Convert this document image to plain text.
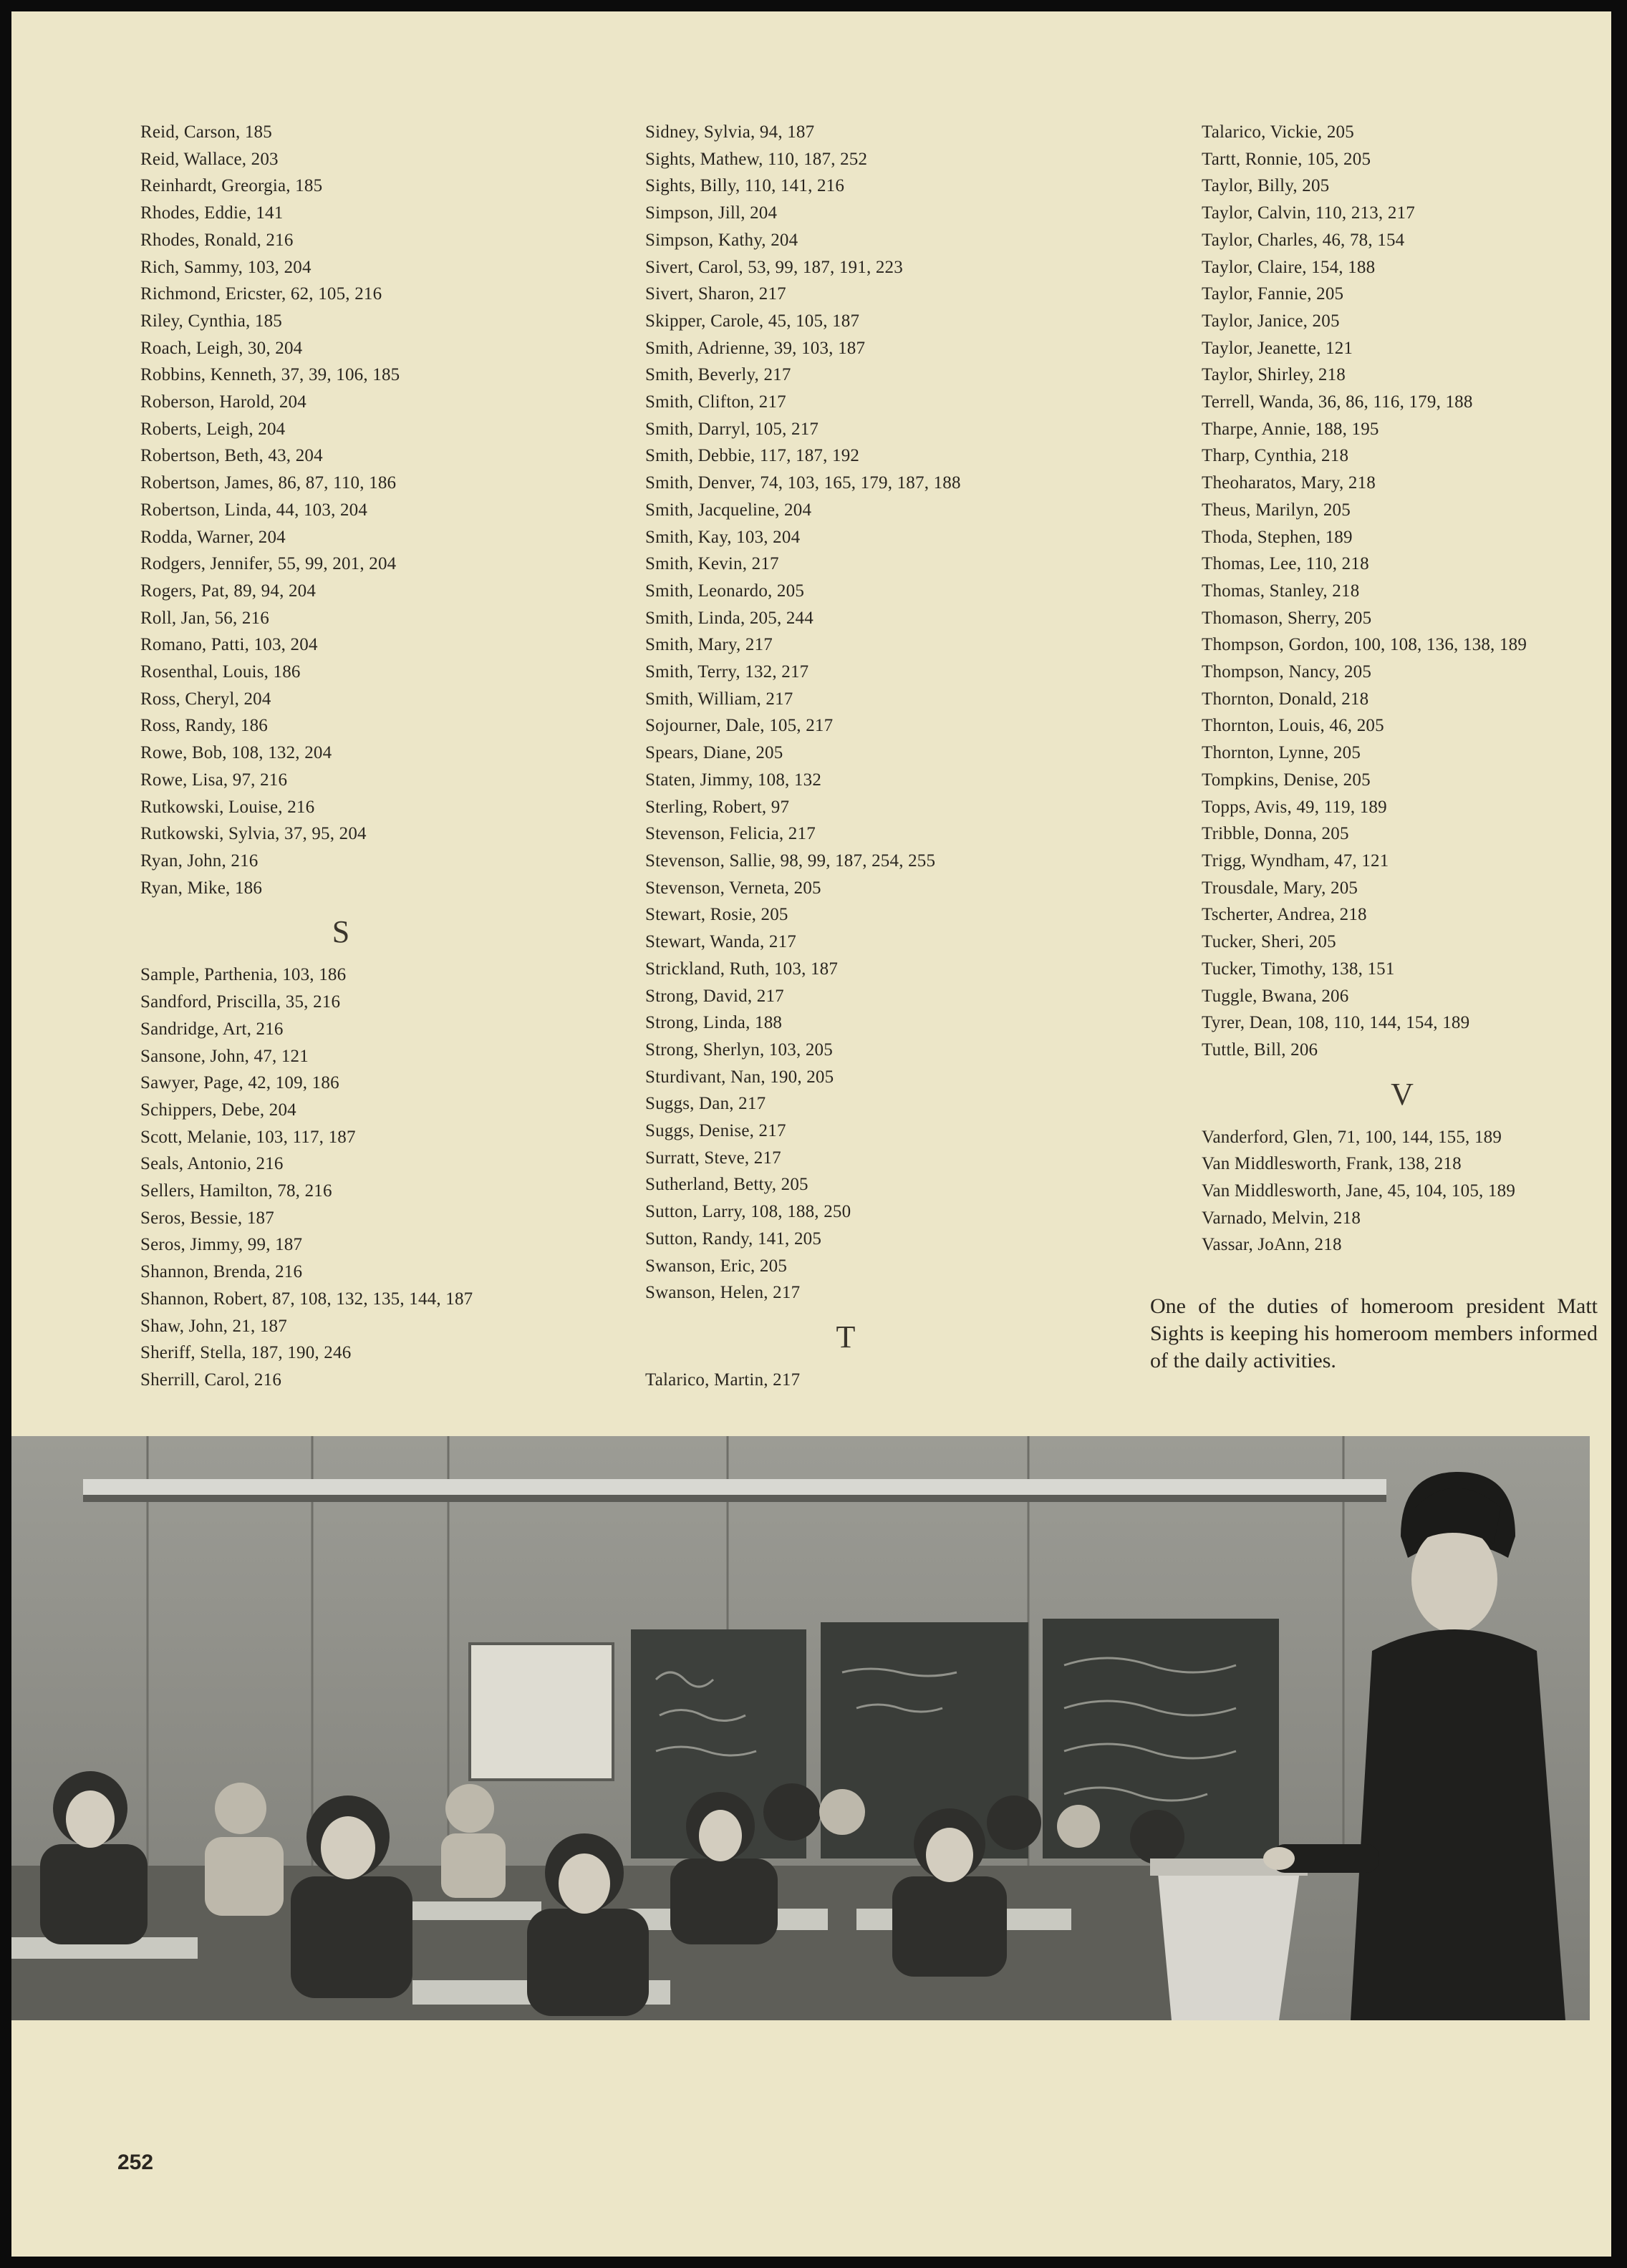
Reid, Carson, 185
Reid, Wallace, 203
Reinhardt, Greorgia, 185
Rhodes, Eddie, 141
Rhodes, Ronald, 216
Rich, Sammy, 103, 204
Richmond, Ericster, 62, 105, 216
Riley, Cynthia, 185
Roach, Leigh, 30, 204
Robbins, Kenneth, 37, 39, 106, 185
Roberson, Harold, 204
Roberts, Leigh, 204
Robertson, Beth, 43, 204
Robertson, James, 86, 87, 110, 186
Robertson, Linda, 44, 103, 204
Rodda, Warner, 204
Rodgers, Jennifer, 55, 99, 201, 204
Rogers, Pat, 89, 94, 204
Roll, Jan, 56, 216
Romano, Patti, 103, 204
Rosenthal, Louis, 186
Ross, Cheryl, 204
Ross, Randy, 186
Rowe, Bob, 108, 132, 204
Rowe, Lisa, 97, 216
Rutkowski, Louise, 216
Rutkowski, Sylvia, 37, 95, 204
Ryan, John, 216
Ryan, Mike, 186
S
Sample, Parthenia, 103, 186
Sandford, Priscilla, 35, 216
Sandridge, Art, 216
Sansone, John, 47, 121
Sawyer, Page, 42, 109, 186
Schippers, Debe, 204
Scott, Melanie, 103, 117, 187
Seals, Antonio, 216
Sellers, Hamilton, 78, 216
Seros, Bessie, 187
Seros, Jimmy, 99, 187
Shannon, Brenda, 216
Shannon, Robert, 87, 108, 132, 135, 144, 187
Shaw, John, 21, 187
Sheriff, Stella, 187, 190, 246
Sherrill, Carol, 216
Sidney, Sylvia, 94, 187
Sights, Mathew, 110, 187, 252
Sights, Billy, 110, 141, 216
Simpson, Jill, 204
Simpson, Kathy, 204
Sivert, Carol, 53, 99, 187, 191, 223
Sivert, Sharon, 217
Skipper, Carole, 45, 105, 187
Smith, Adrienne, 39, 103, 187
Smith, Beverly, 217
Smith, Clifton, 217
Smith, Darryl, 105, 217
Smith, Debbie, 117, 187, 192
Smith, Denver, 74, 103, 165, 179, 187, 188
Smith, Jacqueline, 204
Smith, Kay, 103, 204
Smith, Kevin, 217
Smith, Leonardo, 205
Smith, Linda, 205, 244
Smith, Mary, 217
Smith, Terry, 132, 217
Smith, William, 217
Sojourner, Dale, 105, 217
Spears, Diane, 205
Staten, Jimmy, 108, 132
Sterling, Robert, 97
Stevenson, Felicia, 217
Stevenson, Sallie, 98, 99, 187, 254, 255
Stevenson, Verneta, 205
Stewart, Rosie, 205
Stewart, Wanda, 217
Strickland, Ruth, 103, 187
Strong, David, 217
Strong, Linda, 188
Strong, Sherlyn, 103, 205
Sturdivant, Nan, 190, 205
Suggs, Dan, 217
Suggs, Denise, 217
Surratt, Steve, 217
Sutherland, Betty, 205
Sutton, Larry, 108, 188, 250
Sutton, Randy, 141, 205
Swanson, Eric, 205
Swanson, Helen, 217
T
Talarico, Martin, 217
Talarico, Vickie, 205
Tartt, Ronnie, 105, 205
Taylor, Billy, 205
Taylor, Calvin, 110, 213, 217
Taylor, Charles, 46, 78, 154
Taylor, Claire, 154, 188
Taylor, Fannie, 205
Taylor, Janice, 205
Taylor, Jeanette, 121
Taylor, Shirley, 218
Terrell, Wanda, 36, 86, 116, 179, 188
Tharpe, Annie, 188, 195
Tharp, Cynthia, 218
Theoharatos, Mary, 218
Theus, Marilyn, 205
Thoda, Stephen, 189
Thomas, Lee, 110, 218
Thomas, Stanley, 218
Thomason, Sherry, 205
Thompson, Gordon, 100, 108, 136, 138, 189
Thompson, Nancy, 205
Thornton, Donald, 218
Thornton, Louis, 46, 205
Thornton, Lynne, 205
Tompkins, Denise, 205
Topps, Avis, 49, 119, 189
Tribble, Donna, 205
Trigg, Wyndham, 47, 121
Trousdale, Mary, 205
Tscherter, Andrea, 218
Tucker, Sheri, 205
Tucker, Timothy, 138, 151
Tuggle, Bwana, 206
Tyrer, Dean, 108, 110, 144, 154, 189
Tuttle, Bill, 206
V
Vanderford, Glen, 71, 100, 144, 155, 189
Van Middlesworth, Frank, 138, 218
Van Middlesworth, Jane, 45, 104, 105, 189
Varnado, Melvin, 218
Vassar, JoAnn, 218
One of the duties of homeroom president Matt Sights is keeping his homeroom members informed of the daily activities.
252
